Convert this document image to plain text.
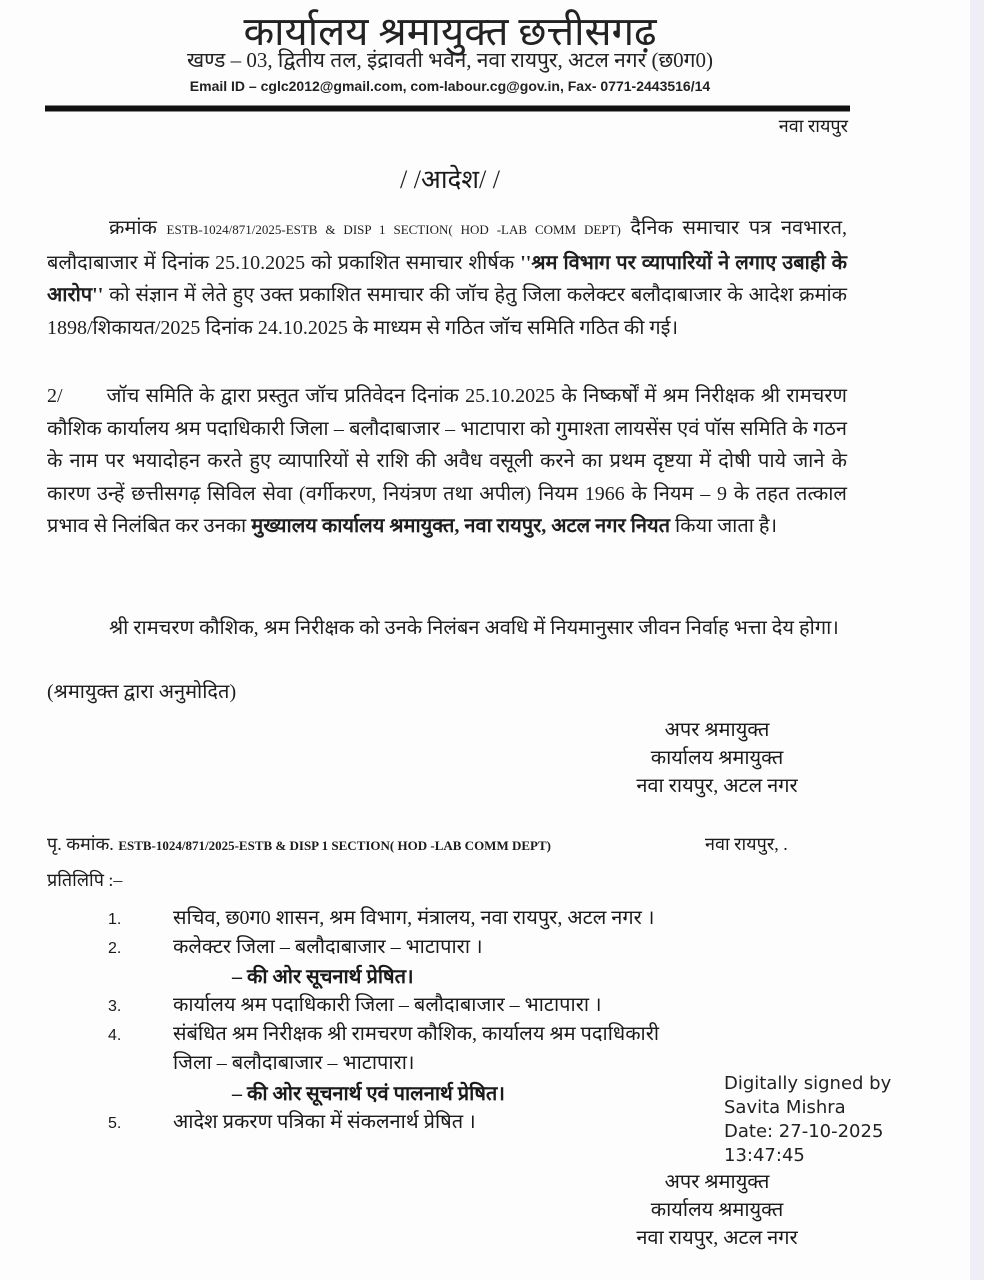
कार्यालय श्रमायुक्त छत्तीसगढ़
खण्ड – 03, द्वितीय तल, इंद्रावती भवन, नवा रायपुर, अटल नगर (छ0ग0)
Email ID – cglc2012@gmail.com, com-labour.cg@gov.in, Fax- 0771-2443516/14
नवा रायपुर
/ /आदेश/ /
क्रमांक ESTB-1024/871/2025-ESTB & DISP 1 SECTION( HOD -LAB COMM DEPT) दैनिक समाचार पत्र नवभारत, बलौदाबाजार में दिनांक 25.10.2025 को प्रकाशित समाचार शीर्षक ''श्रम विभाग पर व्यापारियों ने लगाए उबाही के आरोप'' को संज्ञान में लेते हुए उक्त प्रकाशित समाचार की जॉच हेतु जिला कलेक्टर बलौदाबाजार के आदेश क्रमांक 1898/शिकायत/2025 दिनांक 24.10.2025 के माध्यम से गठित जॉच समिति गठित की गई।
2/ जॉच समिति के द्वारा प्रस्तुत जॉच प्रतिवेदन दिनांक 25.10.2025 के निष्कर्षों में श्रम निरीक्षक श्री रामचरण कौशिक कार्यालय श्रम पदाधिकारी जिला – बलौदाबाजार – भाटापारा को गुमाश्ता लायसेंस एवं पॉस समिति के गठन के नाम पर भयादोहन करते हुए व्यापारियों से राशि की अवैध वसूली करने का प्रथम दृष्टया में दोषी पाये जाने के कारण उन्हें छत्तीसगढ़ सिविल सेवा (वर्गीकरण, नियंत्रण तथा अपील) नियम 1966 के नियम – 9 के तहत तत्काल प्रभाव से निलंबित कर उनका मुख्यालय कार्यालय श्रमायुक्त, नवा रायपुर, अटल नगर नियत किया जाता है।
श्री रामचरण कौशिक, श्रम निरीक्षक को उनके निलंबन अवधि में नियमानुसार जीवन निर्वाह भत्ता देय होगा।
(श्रमायुक्त द्वारा अनुमोदित)
अपर श्रमायुक्त
कार्यालय श्रमायुक्त
नवा रायपुर, अटल नगर
पृ. कमांक. ESTB-1024/871/2025-ESTB & DISP 1 SECTION( HOD -LAB COMM DEPT)	नवा रायपुर, .
प्रतिलिपि :–
1.	सचिव, छ0ग0 शासन, श्रम विभाग, मंत्रालय, नवा रायपुर, अटल नगर ।
2.	कलेक्टर जिला – बलौदाबाजार – भाटापारा ।
– की ओर सूचनार्थ प्रेषित।
3.	कार्यालय श्रम पदाधिकारी जिला – बलौदाबाजार – भाटापारा ।
4.	संबंधित श्रम निरीक्षक श्री रामचरण कौशिक, कार्यालय श्रम पदाधिकारी
जिला – बलौदाबाजार – भाटापारा।
– की ओर सूचनार्थ एवं पालनार्थ प्रेषित।
5.	आदेश प्रकरण पत्रिका में संकलनार्थ प्रेषित ।
Digitally signed by
Savita Mishra
Date: 27-10-2025
13:47:45
अपर श्रमायुक्त
कार्यालय श्रमायुक्त
नवा रायपुर, अटल नगर
